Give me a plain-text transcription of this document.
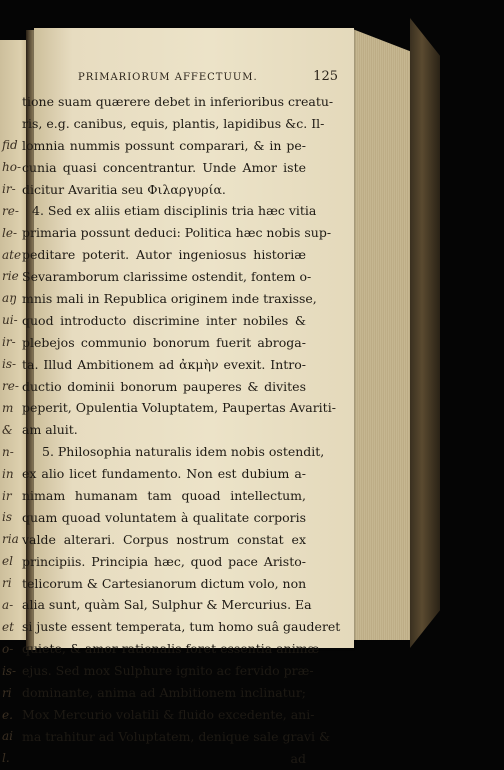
fid
ho-
ir-
re-
le-
ate
rie
aŋ
ui-
ir-
is-
re-
m
&
n-
in
ir
is
ria
el
ri
a-
et
o-
is-
ri
e.
ai
l.
PRIMARIORUM AFFECTUUM.	125
tione suam quærere debet in inferioribus creatu-
ris, e.g. canibus, equis, plantis, lapidibus &c. Il-
lomnia nummis possunt comparari, & in pe-
cunia quasi concentrantur. Unde Amor iste
dicitur Avaritia seu Φιλαργυρία.
4. Sed ex aliis etiam disciplinis tria hæc vitia
primaria possunt deduci: Politica hæc nobis sup-
peditare poterit. Autor ingeniosus historiæ
Sevaramborum clarissime ostendit, fontem o-
mnis mali in Republica originem inde traxisse,
quod introducto discrimine inter nobiles &
plebejos communio bonorum fuerit abroga-
ta. Illud Ambitionem ad ἀκμὴν evexit. Intro-
ductio dominii bonorum pauperes & divites
peperit, Opulentia Voluptatem, Paupertas Avariti-
am aluit.
5. Philosophia naturalis idem nobis ostendit,
ex alio licet fundamento. Non est dubium a-
nimam humanam tam quoad intellectum,
quam quoad voluntatem à qualitate corporis
valde alterari. Corpus nostrum constat ex
principiis. Principia hæc, quod pace Aristo-
telicorum & Cartesianorum dictum volo, non
alia sunt, quàm Sal, Sulphur & Mercurius. Ea
si juste essent temperata, tum homo suâ gauderet
quiete, & amor rationalis foret essentia animæ
ejus. Sed mox Sulphure ignito ac fervido præ-
dominante, anima ad Ambitionem inclinatur;
Mox Mercurio volatili & fluido excedente, ani-
ma trahitur ad Voluptatem, denique sale gravi &
ad
